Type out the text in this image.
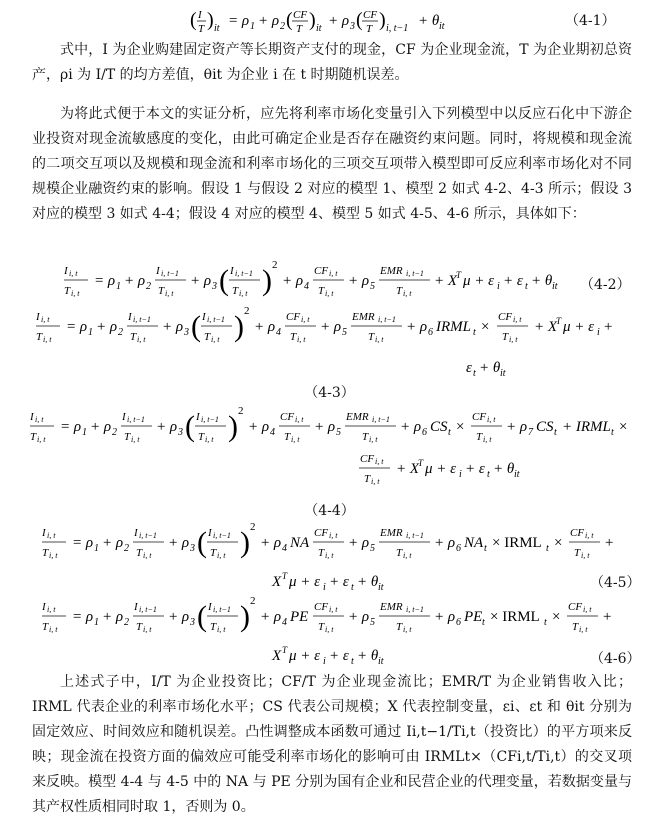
( I
T ) it = ρ 1 + ρ 2 ( CF
T ) it + ρ 3 ( CF
T ) i, t−1 + θ it	（4-1）
式中，I 为企业购建固定资产等长期资产支付的现金，CF 为企业现金流，T 为企业期初总资产，ρi 为 I/T 的均方差值，θit 为企业 i 在 t 时期随机误差。
为将此式便于本文的实证分析，应先将利率市场化变量引入下列模型中以反应石化中下游企业投资对现金流敏感度的变化，由此可确定企业是否存在融资约束问题。同时，将规模和现金流的二项交互项以及规模和现金流和利率市场化的三项交互项带入模型即可反应利率市场化对不同规模企业融资约束的影响。假设 1 与假设 2 对应的模型 1、模型 2 如式 4-2、4-3 所示；假设 3 对应的模型 3 如式 4-4；假设 4 对应的模型 4、模型 5 如式 4-5、4-6 所示，具体如下：
I i, t
T i, t
= ρ 1 + ρ 2
I i, t−1
T i, t
+ ρ 3 ( I i, t−1
T i, t ) 2
+ ρ 4
CF i, t
T i, t
+ ρ 5
EMR i, t−1
T i, t
+ X
T μ + ε i + ε t + θ it （4-2）
I i, t
T i, t
= ρ 1 + ρ 2
I i, t−1
T i, t
+ ρ 3 ( I i, t−1
T i, t ) 2
+ ρ 4
CF i, t
T i, t
+ ρ 5
EMR i, t−1
T i, t
+ ρ 6 IRML t ×
CF i, t
T i, t
+ X
T μ + ε i +
ε t + θ it
（4-3）
I i, t
T i, t
= ρ 1 + ρ 2
I i, t−1
T i, t
+ ρ 3 ( I i, t−1
T i, t ) 2
+ ρ 4
CF i, t
T i, t
+ ρ 5
EMR i, t−1
T i, t
+ ρ 6 CS t ×
CF i, t
T i, t
+ ρ 7 CS t + IRML t ×
CF i, t
T i, t
+ X
T μ + ε i + ε t + θ it
（4-4）
I i, t
T i, t
= ρ 1 + ρ 2
I i, t−1
T i, t
+ ρ 3 ( I i, t−1
T i, t ) 2
+ ρ 4 NA
CF i, t
T i, t
+ ρ 5
EMR i, t−1
T i, t
+ ρ 6 NA t × IRML t ×
CF i, t
T i, t
+
X T μ + ε i + ε t + θ it	（4-5）
I i, t
T i, t
= ρ 1 + ρ 2
I i, t−1
T i, t
+ ρ 3 ( I i, t−1
T i, t ) 2
+ ρ 4 PE
CF i, t
T i, t
+ ρ 5
EMR i, t−1
T i, t
+ ρ 6 PE t × IRML t ×
CF i, t
T i, t
+
X T μ + ε i + ε t + θ it	（4-6）
上述式子中，I/T 为企业投资比；CF/T 为企业现金流比；EMR/T 为企业销售收入比；IRML 代表企业的利率市场化水平；CS 代表公司规模；X 代表控制变量，εi、εt 和 θit 分别为固定效应、时间效应和随机误差。凸性调整成本函数可通过 Ii,t−1/Ti,t（投资比）的平方项来反映；现金流在投资方面的偏效应可能受利率市场化的影响可由 IRMLt×（CFi,t/Ti,t）的交叉项来反映。模型 4-4 与 4-5 中的 NA 与 PE 分别为国有企业和民营企业的代理变量，若数据变量与其产权性质相同时取 1，否则为 0。
